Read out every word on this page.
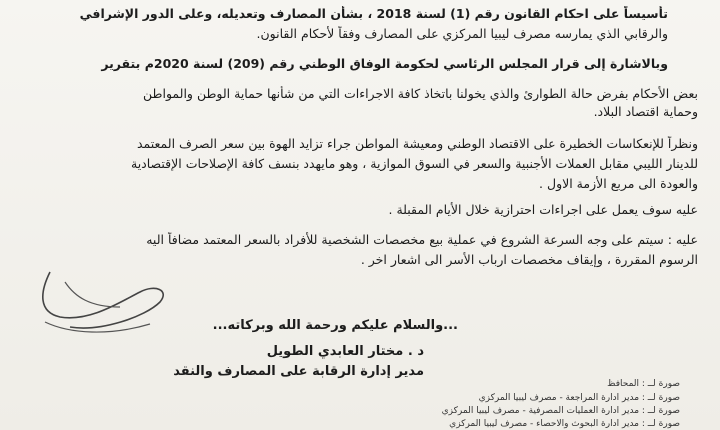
تأسيساً على احكام القانون رقم (1) لسنة 2018 ، بشأن المصارف وتعديله، وعلى الدور الإشرافي
والرقابي الذي يمارسه مصرف ليبيا المركزي على المصارف وفقاً لأحكام القانون.
وبالاشارة إلى قرار المجلس الرئاسي لحكومة الوفاق الوطني رقم (209) لسنة 2020م بتقرير
بعض الأحكام بفرض حالة الطوارئ والذي يخولنا باتخاذ كافة الاجراءات التي من شأنها حماية الوطن والمواطن
وحماية اقتصاد البلاد.
ونظراً للإنعكاسات الخطيرة على الاقتصاد الوطني ومعيشة المواطن جراء تزايد الهوة بين سعر الصرف المعتمد
للدينار الليبي مقابل العملات الأجنبية والسعر في السوق الموازية ، وهو مايهدد بنسف كافة الإصلاحات الإقتصادية
والعودة الى مربع الأزمة الاول .
عليه سوف يعمل على اجراءات احترازية خلال الأيام المقبلة .
عليه : سيتم على وجه السرعة الشروع في عملية بيع مخصصات الشخصية للأفراد بالسعر المعتمد مضافاً اليه
الرسوم المقررة ، وإيقاف مخصصات ارباب الأسر الى اشعار اخر .
...والسلام عليكم ورحمة الله وبركاته...
د . مختار العابدي الطويل
مدير إدارة الرقابة على المصارف والنقد
صورة لــ : المحافظ
صورة لــ : مدير ادارة المراجعة - مصرف ليبيا المركزي
صورة لــ : مدير ادارة العمليات المصرفية - مصرف ليبيا المركزي
صورة لــ : مدير ادارة البحوث والاحصاء - مصرف ليبيا المركزي
